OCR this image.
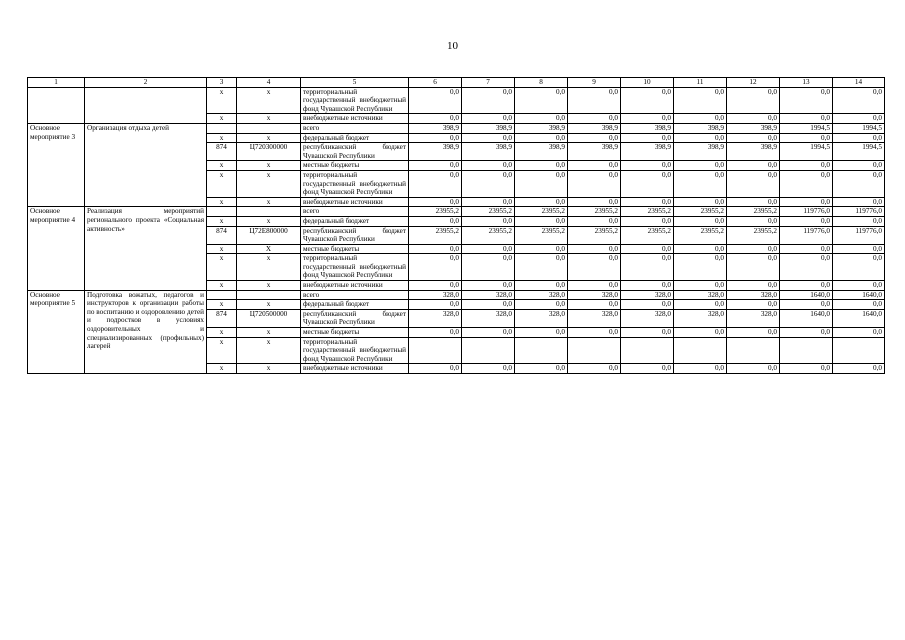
10
1	2	3	4	5	6	7	8	9	10	11	12	13	14
		х	х	территориальный государственный внебюджетный фонд Чувашской Республики	0,0	0,0	0,0	0,0	0,0	0,0	0,0	0,0	0,0
		х	х	внебюджетные источники	0,0	0,0	0,0	0,0	0,0	0,0	0,0	0,0	0,0
Основное мероприятие 3	Организация отдыха детей			всего	398,9	398,9	398,9	398,9	398,9	398,9	398,9	1994,5	1994,5
		х	х	федеральный бюджет	0,0	0,0	0,0	0,0	0,0	0,0	0,0	0,0	0,0
		874	Ц720300000	республиканский бюджет Чувашской Республики	398,9	398,9	398,9	398,9	398,9	398,9	398,9	1994,5	1994,5
		х	х	местные бюджеты	0,0	0,0	0,0	0,0	0,0	0,0	0,0	0,0	0,0
		х	х	территориальный государственный внебюджетный фонд Чувашской Республики	0,0	0,0	0,0	0,0	0,0	0,0	0,0	0,0	0,0
		х	х	внебюджетные источники	0,0	0,0	0,0	0,0	0,0	0,0	0,0	0,0	0,0
Основное мероприятие 4	Реализация мероприятий регионального проекта «Социальная активность»			всего	23955,2	23955,2	23955,2	23955,2	23955,2	23955,2	23955,2	119776,0	119776,0
		х	х	федеральный бюджет	0,0	0,0	0,0	0,0	0,0	0,0	0,0	0,0	0,0
		874	Ц72Е800000	республиканский бюджет Чувашской Республики	23955,2	23955,2	23955,2	23955,2	23955,2	23955,2	23955,2	119776,0	119776,0
		х	Х	местные бюджеты	0,0	0,0	0,0	0,0	0,0	0,0	0,0	0,0	0,0
		х	х	территориальный государственный внебюджетный фонд Чувашской Республики	0,0	0,0	0,0	0,0	0,0	0,0	0,0	0,0	0,0
		х	х	внебюджетные источники	0,0	0,0	0,0	0,0	0,0	0,0	0,0	0,0	0,0
Основное мероприятие 5	Подготовка вожатых, педагогов и инструкторов к организации работы по воспитанию и оздоровлению детей и подростков в условиях оздоровительных и специализированных (профильных) лагерей			всего	328,0	328,0	328,0	328,0	328,0	328,0	328,0	1640,0	1640,0
		х	х	федеральный бюджет	0,0	0,0	0,0	0,0	0,0	0,0	0,0	0,0	0,0
		874	Ц720500000	республиканский бюджет Чувашской Республики	328,0	328,0	328,0	328,0	328,0	328,0	328,0	1640,0	1640,0
		х	х	местные бюджеты	0,0	0,0	0,0	0,0	0,0	0,0	0,0	0,0	0,0
		х	х	территориальный государственный внебюджетный фонд Чувашской Республики									
		х	х	внебюджетные источники	0,0	0,0	0,0	0,0	0,0	0,0	0,0	0,0	0,0
